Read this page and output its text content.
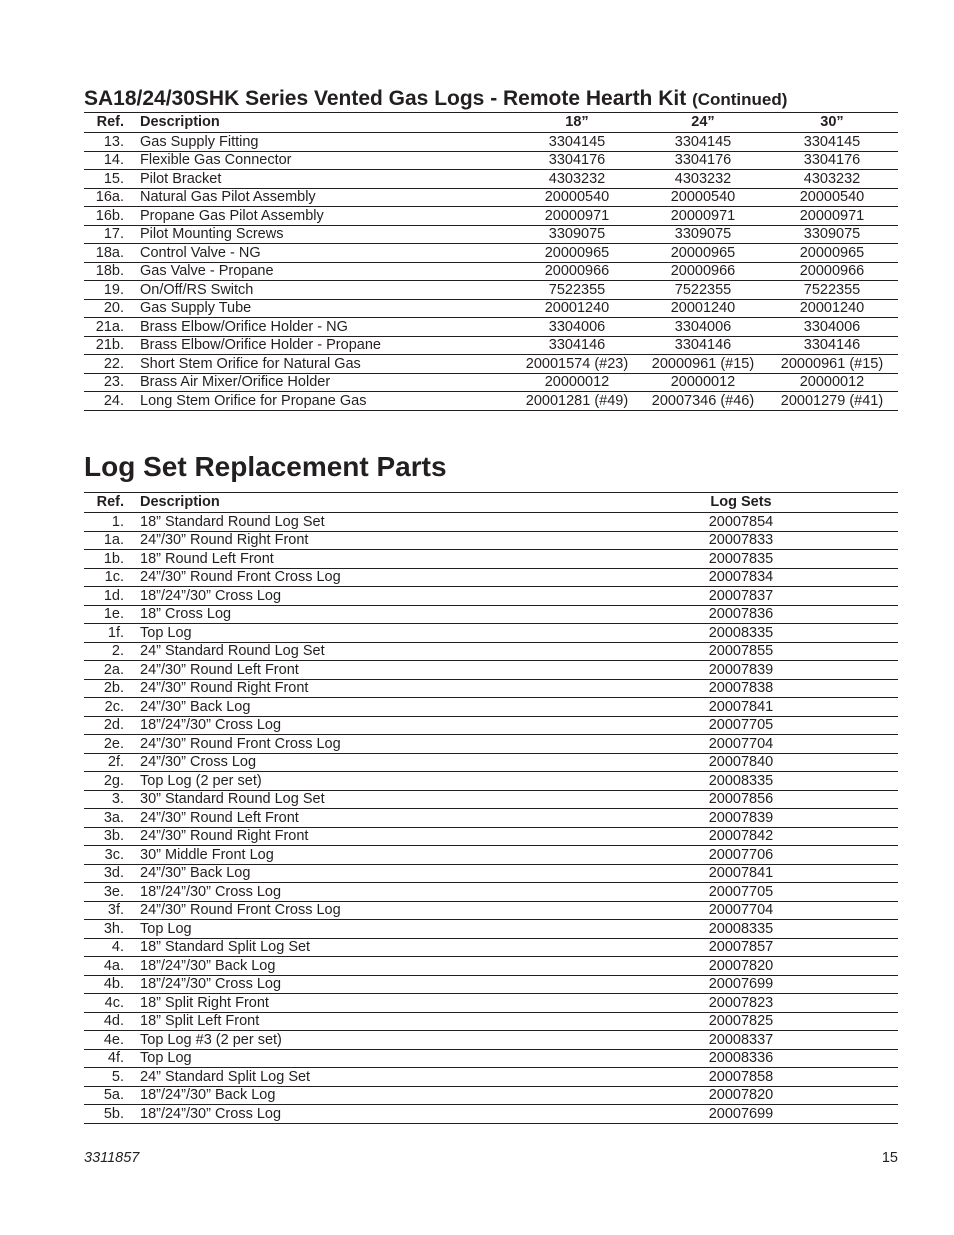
SA18/24/30SHK Series Vented Gas Logs - Remote Hearth Kit (Continued)
Ref.	Description	18”	24”	30”
13.	Gas Supply Fitting	3304145	3304145	3304145
14.	Flexible Gas Connector	3304176	3304176	3304176
15.	Pilot Bracket	4303232	4303232	4303232
16a.	Natural Gas Pilot Assembly	20000540	20000540	20000540
16b.	Propane Gas Pilot Assembly	20000971	20000971	20000971
17.	Pilot Mounting Screws	3309075	3309075	3309075
18a.	Control Valve - NG	20000965	20000965	20000965
18b.	Gas Valve - Propane	20000966	20000966	20000966
19.	On/Off/RS Switch	7522355	7522355	7522355
20.	Gas Supply Tube	20001240	20001240	20001240
21a.	Brass Elbow/Orifice Holder - NG	3304006	3304006	3304006
21b.	Brass Elbow/Orifice Holder - Propane	3304146	3304146	3304146
22.	Short Stem Orifice for Natural Gas	20001574 (#23)	20000961 (#15)	20000961 (#15)
23.	Brass Air Mixer/Orifice Holder	20000012	20000012	20000012
24.	Long Stem Orifice for Propane Gas	20001281 (#49)	20007346 (#46)	20001279 (#41)
Log Set Replacement Parts
Ref.	Description	Log Sets	
1.	18” Standard Round Log Set	20007854	
1a.	24”/30” Round Right Front	20007833	
1b.	18” Round Left Front	20007835	
1c.	24”/30” Round Front Cross Log	20007834	
1d.	18”/24”/30” Cross Log	20007837	
1e.	18” Cross Log	20007836	
1f.	Top Log	20008335	
2.	24” Standard Round Log Set	20007855	
2a.	24”/30” Round Left Front	20007839	
2b.	24”/30” Round Right Front	20007838	
2c.	24”/30” Back Log	20007841	
2d.	18”/24”/30” Cross Log	20007705	
2e.	24”/30” Round Front Cross Log	20007704	
2f.	24”/30” Cross Log	20007840	
2g.	Top Log (2 per set)	20008335	
3.	30” Standard Round Log Set	20007856	
3a.	24”/30” Round Left Front	20007839	
3b.	24”/30” Round Right Front	20007842	
3c.	30” Middle Front Log	20007706	
3d.	24”/30” Back Log	20007841	
3e.	18”/24”/30” Cross Log	20007705	
3f.	24”/30” Round Front Cross Log	20007704	
3h.	Top Log	20008335	
4.	18” Standard Split Log Set	20007857	
4a.	18”/24”/30” Back Log	20007820	
4b.	18”/24”/30” Cross Log	20007699	
4c.	18” Split Right Front	20007823	
4d.	18” Split Left Front	20007825	
4e.	Top Log #3 (2 per set)	20008337	
4f.	Top Log	20008336	
5.	24” Standard Split Log Set	20007858	
5a.	18”/24”/30” Back Log	20007820	
5b.	18”/24”/30” Cross Log	20007699	
3311857	15
